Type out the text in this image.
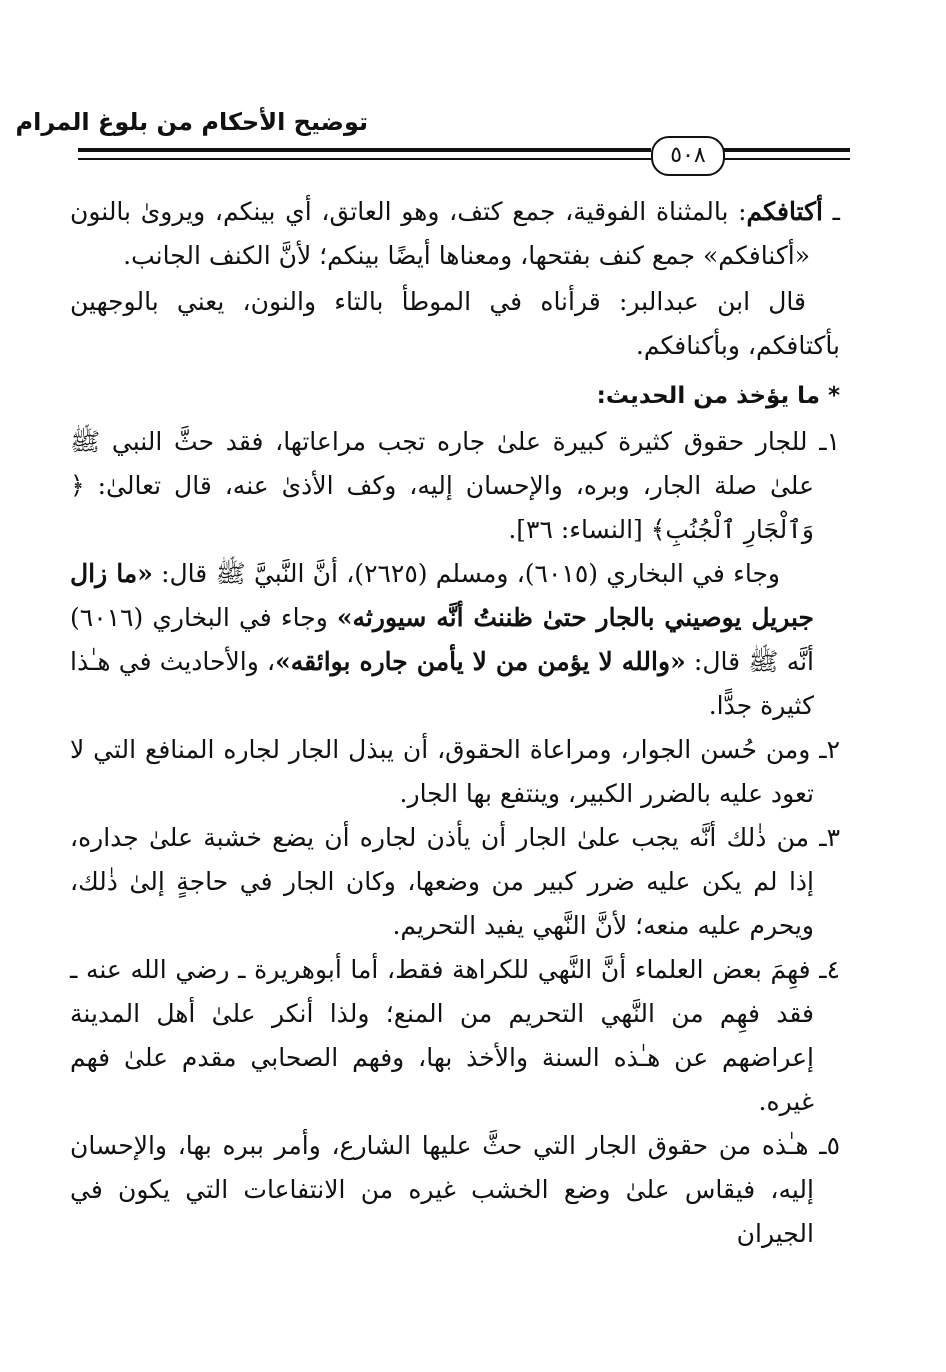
توضيح الأحكام من بلوغ المرام
٥٠٨

ـ أكتافكم: بالمثناة الفوقية، جمع كتف، وهو العاتق، أي بينكم، ويروىٰ بالنون «أكنافكم» جمع كنف بفتحها، ومعناها أيضًا بينكم؛ لأنَّ الكنف الجانب.

قال ابن عبدالبر: قرأناه في الموطأ بالتاء والنون، يعني بالوجهين بأكتافكم، وبأكنافكم.

* ما يؤخذ من الحديث:

١ـ للجار حقوق كثيرة كبيرة علىٰ جاره تجب مراعاتها، فقد حثَّ النبي ﷺ علىٰ صلة الجار، وبره، والإحسان إليه، وكف الأذىٰ عنه، قال تعالىٰ: ﴿ وَٱلْجَارِ ٱلْجُنُبِ﴾ [النساء: ٣٦].

وجاء في البخاري (٦٠١٥)، ومسلم (٢٦٢٥)، أنَّ النَّبيَّ ﷺ قال: «ما زال جبريل يوصيني بالجار حتىٰ ظننتُ أنَّه سيورثه» وجاء في البخاري (٦٠١٦) أنَّه ﷺ قال: «والله لا يؤمن من لا يأمن جاره بوائقه»، والأحاديث في هـٰذا كثيرة جدًّا.

٢ـ ومن حُسن الجوار، ومراعاة الحقوق، أن يبذل الجار لجاره المنافع التي لا تعود عليه بالضرر الكبير، وينتفع بها الجار.

٣ـ من ذٰلك أنَّه يجب علىٰ الجار أن يأذن لجاره أن يضع خشبة علىٰ جداره، إذا لم يكن عليه ضرر كبير من وضعها، وكان الجار في حاجةٍ إلىٰ ذٰلك، ويحرم عليه منعه؛ لأنَّ النَّهي يفيد التحريم.

٤ـ فهِمَ بعض العلماء أنَّ النَّهي للكراهة فقط، أما أبوهريرة ـ رضي الله عنه ـ فقد فهِم من النَّهي التحريم من المنع؛ ولذا أنكر علىٰ أهل المدينة إعراضهم عن هـٰذه السنة والأخذ بها، وفهم الصحابي مقدم علىٰ فهم غيره.

٥ـ هـٰذه من حقوق الجار التي حثَّ عليها الشارع، وأمر ببره بها، والإحسان إليه، فيقاس علىٰ وضع الخشب غيره من الانتفاعات التي يكون في الجيران
